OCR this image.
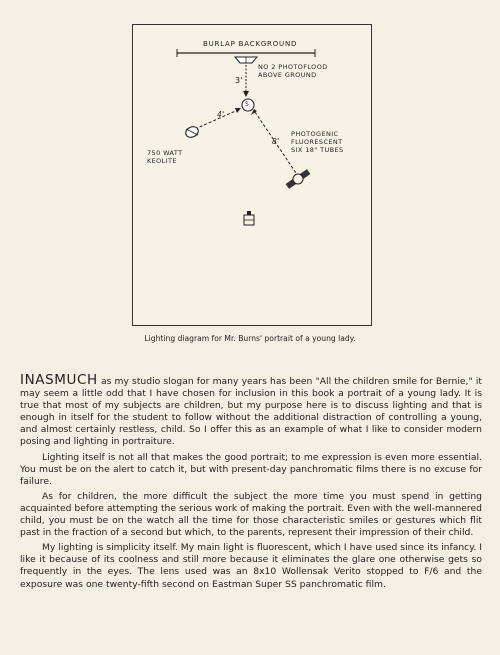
BURLAP BACKGROUND
NO 2 PHOTOFLOOD
ABOVE GROUND
3'
S
4'
750 WATT
KEOLITE
8'
PHOTOGENIC
FLUORESCENT
SIX 18" TUBES
Lighting diagram for Mr. Burns' portrait of a young lady.

INASMUCH as my studio slogan for many years has been "All the children smile for Bernie," it may seem a little odd that I have chosen for inclusion in this book a portrait of a young lady. It is true that most of my subjects are children, but my purpose here is to discuss lighting and that is enough in itself for the student to follow without the additional distraction of controlling a young, and almost certainly restless, child. So I offer this as an example of what I like to consider modern posing and lighting in portraiture.

Lighting itself is not all that makes the good portrait; to me expression is even more essential. You must be on the alert to catch it, but with present-day panchromatic films there is no excuse for failure.

As for children, the more difficult the subject the more time you must spend in getting acquainted before attempting the serious work of making the portrait. Even with the well-mannered child, you must be on the watch all the time for those characteristic smiles or gestures which flit past in the fraction of a second but which, to the parents, represent their impression of their child.

My lighting is simplicity itself. My main light is fluorescent, which I have used since its infancy. I like it because of its coolness and still more because it eliminates the glare one otherwise gets so frequently in the eyes. The lens used was an 8x10 Wollensak Verito stopped to F/6 and the exposure was one twenty-fifth second on Eastman Super SS panchromatic film.
